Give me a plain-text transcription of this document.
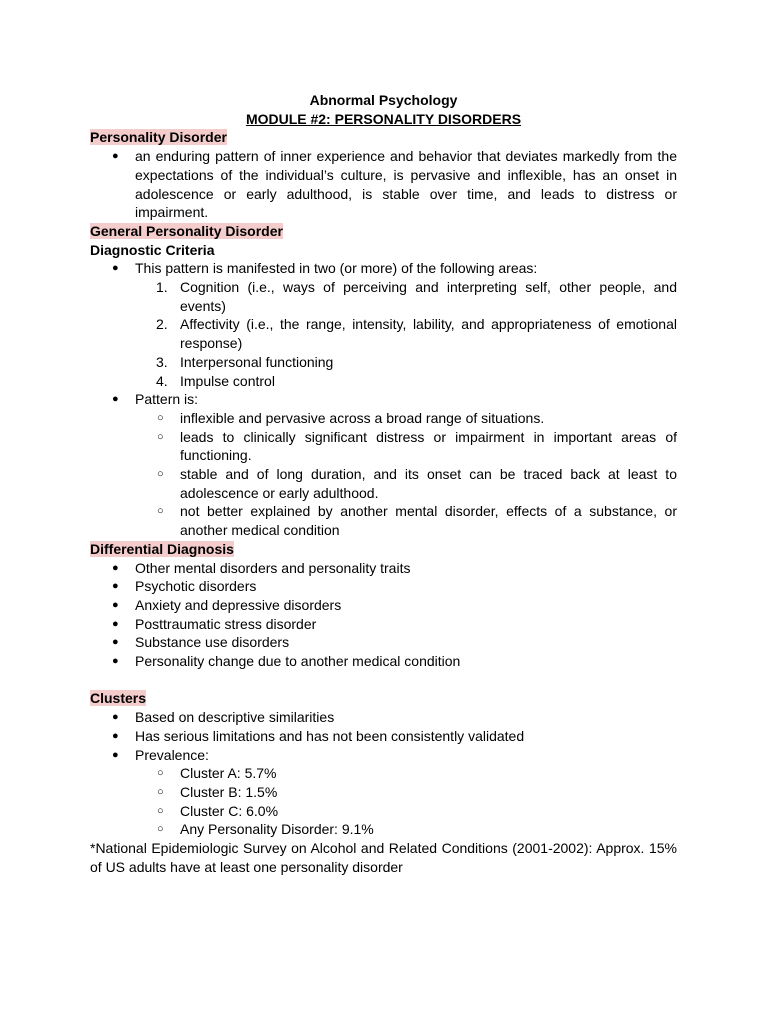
Abnormal Psychology
MODULE #2: PERSONALITY DISORDERS
Personality Disorder
● an enduring pattern of inner experience and behavior that deviates markedly from the expectations of the individual’s culture, is pervasive and inflexible, has an onset in adolescence or early adulthood, is stable over time, and leads to distress or impairment.
General Personality Disorder
Diagnostic Criteria
● This pattern is manifested in two (or more) of the following areas:
1. Cognition (i.e., ways of perceiving and interpreting self, other people, and events)
2. Affectivity (i.e., the range, intensity, lability, and appropriateness of emotional response)
3. Interpersonal functioning
4. Impulse control
● Pattern is:
○ inflexible and pervasive across a broad range of situations.
○ leads to clinically significant distress or impairment in important areas of functioning.
○ stable and of long duration, and its onset can be traced back at least to adolescence or early adulthood.
○ not better explained by another mental disorder, effects of a substance, or another medical condition
Differential Diagnosis
● Other mental disorders and personality traits
● Psychotic disorders
● Anxiety and depressive disorders
● Posttraumatic stress disorder
● Substance use disorders
● Personality change due to another medical condition
Clusters
● Based on descriptive similarities
● Has serious limitations and has not been consistently validated
● Prevalence:
○ Cluster A: 5.7%
○ Cluster B: 1.5%
○ Cluster C: 6.0%
○ Any Personality Disorder: 9.1%
*National Epidemiologic Survey on Alcohol and Related Conditions (2001-2002): Approx. 15% of US adults have at least one personality disorder
